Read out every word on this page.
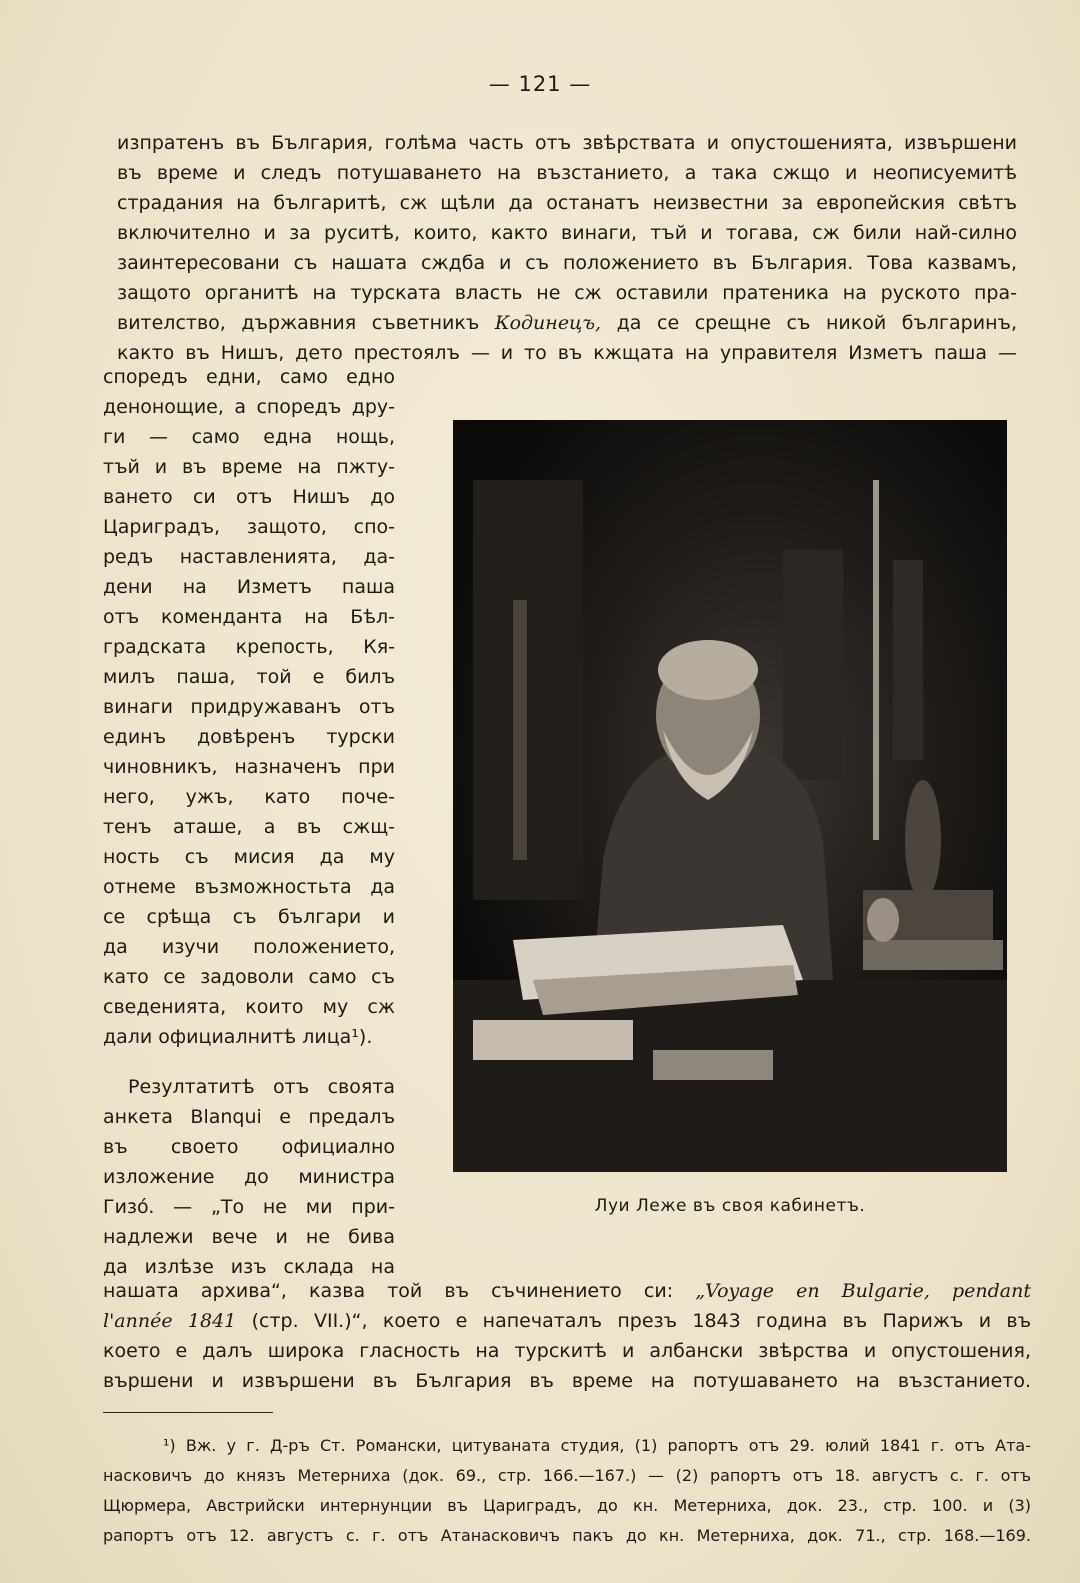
— 121 —
изпратенъ въ България, голѣма часть отъ звѣрствата и опустошенията, извършени
въ време и следъ потушаването на възстанието, а така сжщо и неописуемитѣ
страдания на българитѣ, сж щѣли да останатъ неизвестни за европейския свѣтъ
включително и за руситѣ, които, както винаги, тъй и тогава, сж били най-силно
заинтересовани съ нашата сждба и съ положението въ България. Това казвамъ,
защото органитѣ на турската власть не сж оставили пратеника на руското пра-
вителство, държавния съветникъ Кодинецъ, да се срещне съ никой българинъ,
както въ Нишъ, дето престоялъ — и то въ кжщата на управителя Изметъ паша —
споредъ едни, само едно
денонощие, а споредъ дру-
ги — само една нощь,
тъй и въ време на пжту-
ването си отъ Нишъ до
Цариградъ, защото, спо-
редъ наставленията, да-
дени на Изметъ паша
отъ коменданта на Бѣл-
градската крепость, Кя-
милъ паша, той е билъ
винаги придружаванъ отъ
единъ довѣренъ турски
чиновникъ, назначенъ при
него, ужъ, като поче-
тенъ аташе, а въ сжщ-
ность съ мисия да му
отнеме възможностьта да
се срѣща съ българи и
да изучи положението,
като се задоволи само съ
сведенията, които му сж
дали официалнитѣ лица¹).
Резултатитѣ отъ своята
анкета Blanqui е предалъ
въ своето официално
изложение до министра
Гизó. — „То не ми при-
надлежи вече и не бива
да излѣзе изъ склада на
Луи Леже въ своя кабинетъ.
нашата архива“, казва той въ съчинението си: „Voyage en Bulgarie, pendant
l'année 1841 (стр. VII.)“, което е напечаталъ презъ 1843 година въ Парижъ и въ
което е далъ широка гласность на турскитѣ и албански звѣрства и опустошения,
вършени и извършени въ България въ време на потушаването на възстанието.
¹) Вж. у г. Д-ръ Ст. Романски, цитуваната студия, (1) рапортъ отъ 29. юлий 1841 г. отъ Ата-
насковичъ до князъ Метерниха (док. 69., стр. 166.—167.) — (2) рапортъ отъ 18. августъ с. г. отъ
Щюрмера, Австрийски интернунции въ Цариградъ, до кн. Метерниха, док. 23., стр. 100. и (3)
рапортъ отъ 12. августъ с. г. отъ Атанасковичъ пакъ до кн. Метерниха, док. 71., стр. 168.—169.
